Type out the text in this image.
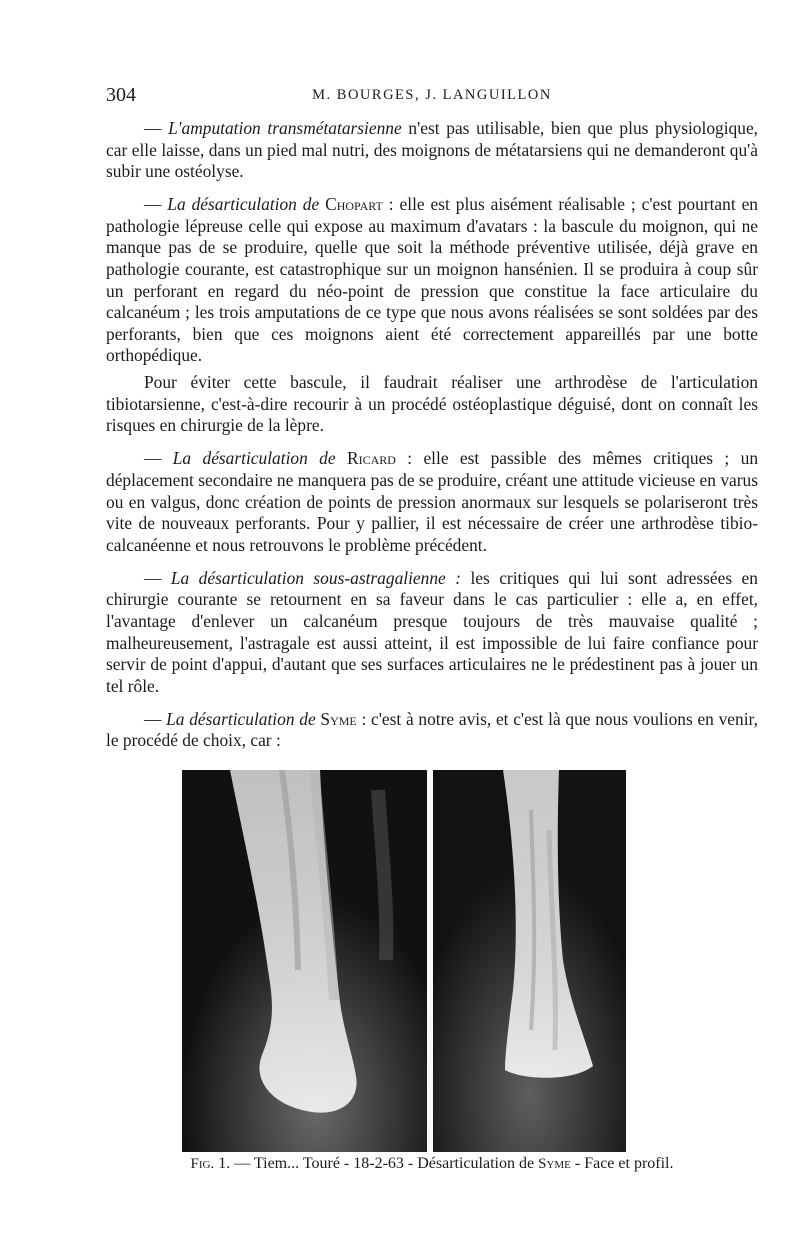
304	M. BOURGES, J. LANGUILLON

— L'amputation transmétatarsienne n'est pas utilisable, bien que plus physiologique, car elle laisse, dans un pied mal nutri, des moignons de métatarsiens qui ne demanderont qu'à subir une ostéolyse.

— La désarticulation de Chopart : elle est plus aisément réalisable ; c'est pourtant en pathologie lépreuse celle qui expose au maximum d'avatars : la bascule du moignon, qui ne manque pas de se produire, quelle que soit la méthode préventive utilisée, déjà grave en pathologie courante, est catastrophique sur un moignon hansénien. Il se produira à coup sûr un perforant en regard du néo-point de pression que constitue la face articulaire du calcanéum ; les trois amputations de ce type que nous avons réalisées se sont soldées par des perforants, bien que ces moignons aient été correctement appareillés par une botte orthopédique.

Pour éviter cette bascule, il faudrait réaliser une arthrodèse de l'articulation tibiotarsienne, c'est-à-dire recourir à un procédé ostéoplastique déguisé, dont on connaît les risques en chirurgie de la lèpre.

— La désarticulation de Ricard : elle est passible des mêmes critiques ; un déplacement secondaire ne manquera pas de se produire, créant une attitude vicieuse en varus ou en valgus, donc création de points de pression anormaux sur lesquels se polariseront très vite de nouveaux perforants. Pour y pallier, il est nécessaire de créer une arthrodèse tibio-calcanéenne et nous retrouvons le problème précédent.

— La désarticulation sous-astragalienne : les critiques qui lui sont adressées en chirurgie courante se retournent en sa faveur dans le cas particulier : elle a, en effet, l'avantage d'enlever un calcanéum presque toujours de très mauvaise qualité ; malheureusement, l'astragale est aussi atteint, il est impossible de lui faire confiance pour servir de point d'appui, d'autant que ses surfaces articulaires ne le prédestinent pas à jouer un tel rôle.

— La désarticulation de Syme : c'est à notre avis, et c'est là que nous voulions en venir, le procédé de choix, car :

Fig. 1. — Tiem... Touré - 18-2-63 - Désarticulation de Syme - Face et profil.
